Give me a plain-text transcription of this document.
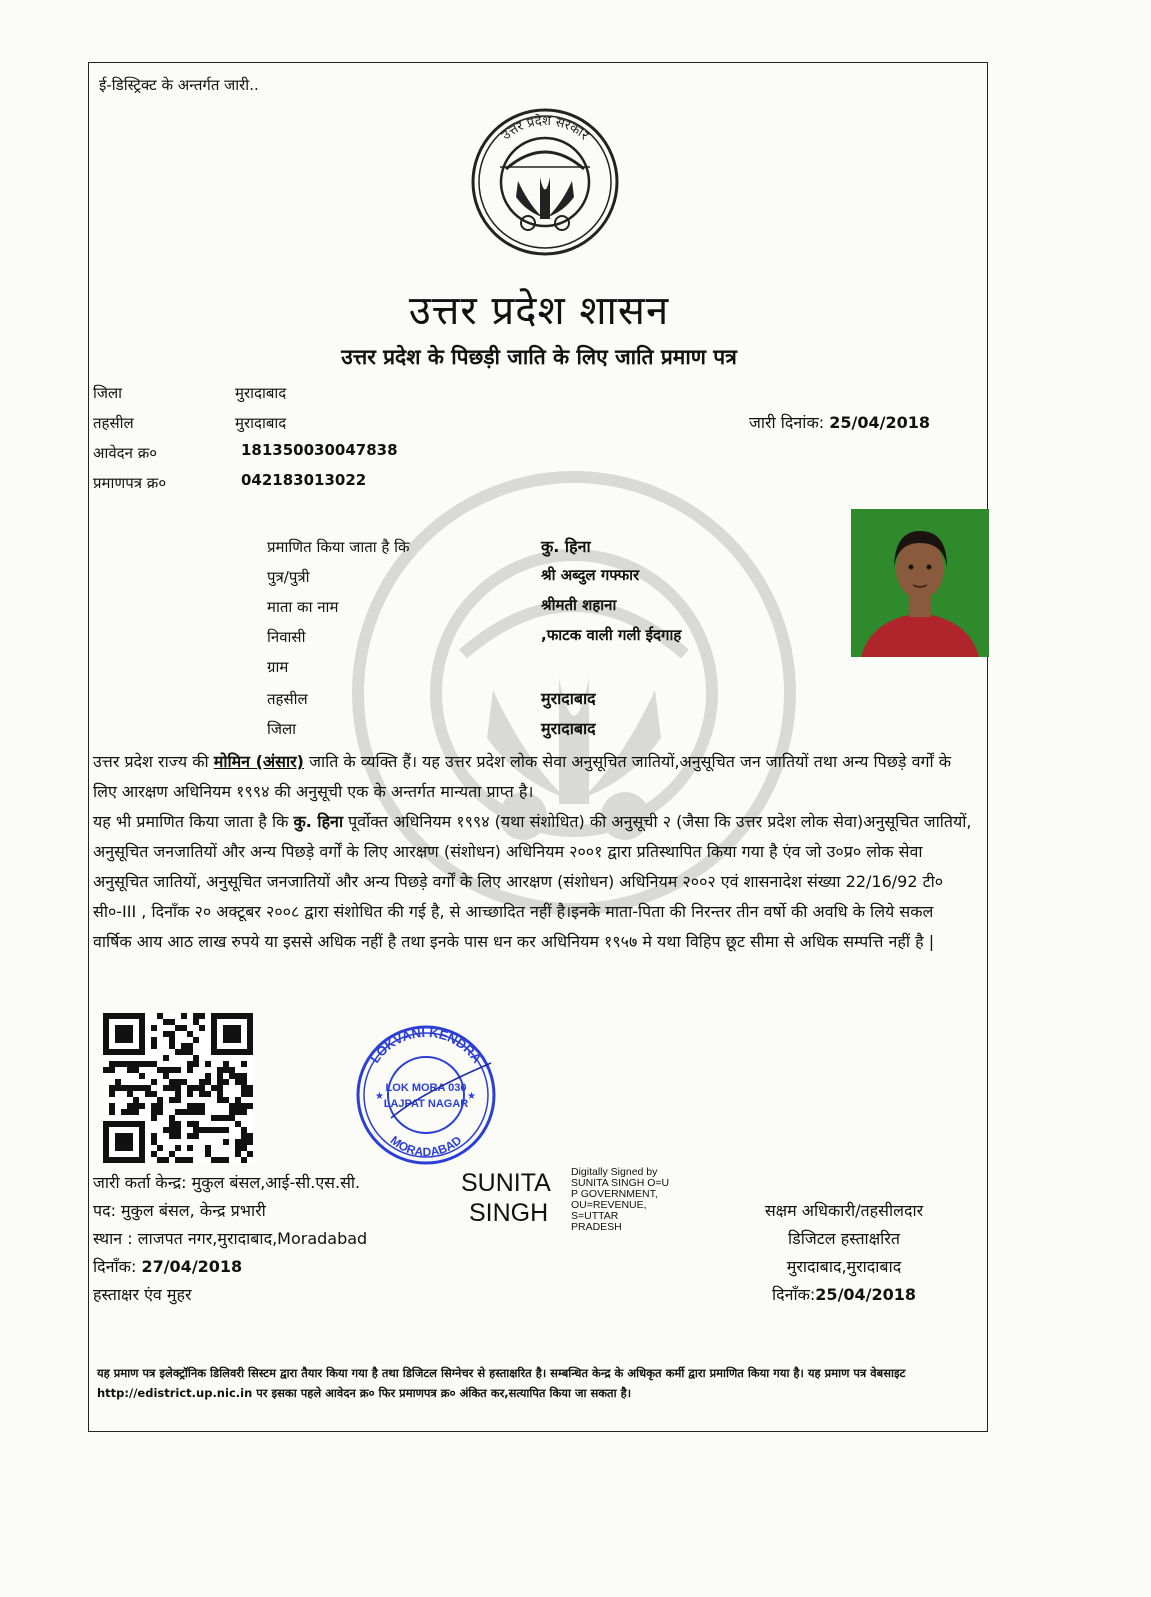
ई-डिस्ट्रिक्ट के अन्तर्गत जारी..
उत्तर प्रदेश सरकार
उत्तर प्रदेश शासन
उत्तर प्रदेश के पिछड़ी जाति के लिए जाति प्रमाण पत्र
जिला	मुरादाबाद
तहसील	मुरादाबाद
आवेदन क्र०	181350030047838
प्रमाणपत्र क्र०	042183013022
जारी दिनांक: 25/04/2018
प्रमाणित किया जाता है कि	कु. हिना
पुत्र/पुत्री	श्री अब्दुल गफ्फार
माता का नाम	श्रीमती शहाना
निवासी	,फाटक वाली गली ईदगाह
ग्राम
तहसील	मुरादाबाद
जिला	मुरादाबाद
उत्तर प्रदेश राज्य की मोमिन (अंसार) जाति के व्यक्ति हैं। यह उत्तर प्रदेश लोक सेवा अनुसूचित जातियों,अनुसूचित जन जातियों तथा अन्य पिछड़े वर्गों के लिए आरक्षण अधिनियम १९९४ की अनुसूची एक के अन्तर्गत मान्यता प्राप्त है।
यह भी प्रमाणित किया जाता है कि कु. हिना पूर्वोक्त अधिनियम १९९४ (यथा संशोधित) की अनुसूची २ (जैसा कि उत्तर प्रदेश लोक सेवा)अनुसूचित जातियों, अनुसूचित जनजातियों और अन्य पिछड़े वर्गों के लिए आरक्षण (संशोधन) अधिनियम २००१ द्वारा प्रतिस्थापित किया गया है एंव जो उ०प्र० लोक सेवा अनुसूचित जातियों, अनुसूचित जनजातियों और अन्य पिछड़े वर्गों के लिए आरक्षण (संशोधन) अधिनियम २००२ एवं शासनादेश संख्या 22/16/92 टी० सी०-III , दिनाँक २० अक्टूबर २००८ द्वारा संशोधित की गई है, से आच्छादित नहीं है।इनके माता-पिता की निरन्तर तीन वर्षो की अवधि के लिये सकल वार्षिक आय आठ लाख रुपये या इससे अधिक नहीं है तथा इनके पास धन कर अधिनियम १९५७ मे यथा विहिप छूट सीमा से अधिक सम्पत्ति नहीं है |
LOKVANI KENDRA
MORADABAD
LOK MORA 030
LAJPAT NAGAR
★	★
जारी कर्ता केन्द्र: मुकुल बंसल,आई-सी.एस.सी.
पद: मुकुल बंसल, केन्द्र प्रभारी
स्थान : लाजपत नगर,मुरादाबाद,Moradabad
दिनाँक: 27/04/2018
हस्ताक्षर एंव मुहर
SUNITA
SINGH
Digitally Signed by
SUNITA SINGH O=U
P GOVERNMENT,
OU=REVENUE,
S=UTTAR
PRADESH
सक्षम अधिकारी/तहसीलदार
डिजिटल हस्ताक्षरित
मुरादाबाद,मुरादाबाद
दिनाँक:25/04/2018
यह प्रमाण पत्र इलेक्ट्रॉनिक डिलिवरी सिस्टम द्वारा तैयार किया गया है तथा डिजिटल सिग्नेचर से हस्ताक्षरित है। सम्बन्धित केन्द्र के अधिकृत कर्मी द्वारा प्रमाणित किया गया है। यह प्रमाण पत्र वेबसाइट http://edistrict.up.nic.in पर इसका पहले आवेदन क्र० फिर प्रमाणपत्र क्र० अंकित कर,सत्यापित किया जा सकता है।
